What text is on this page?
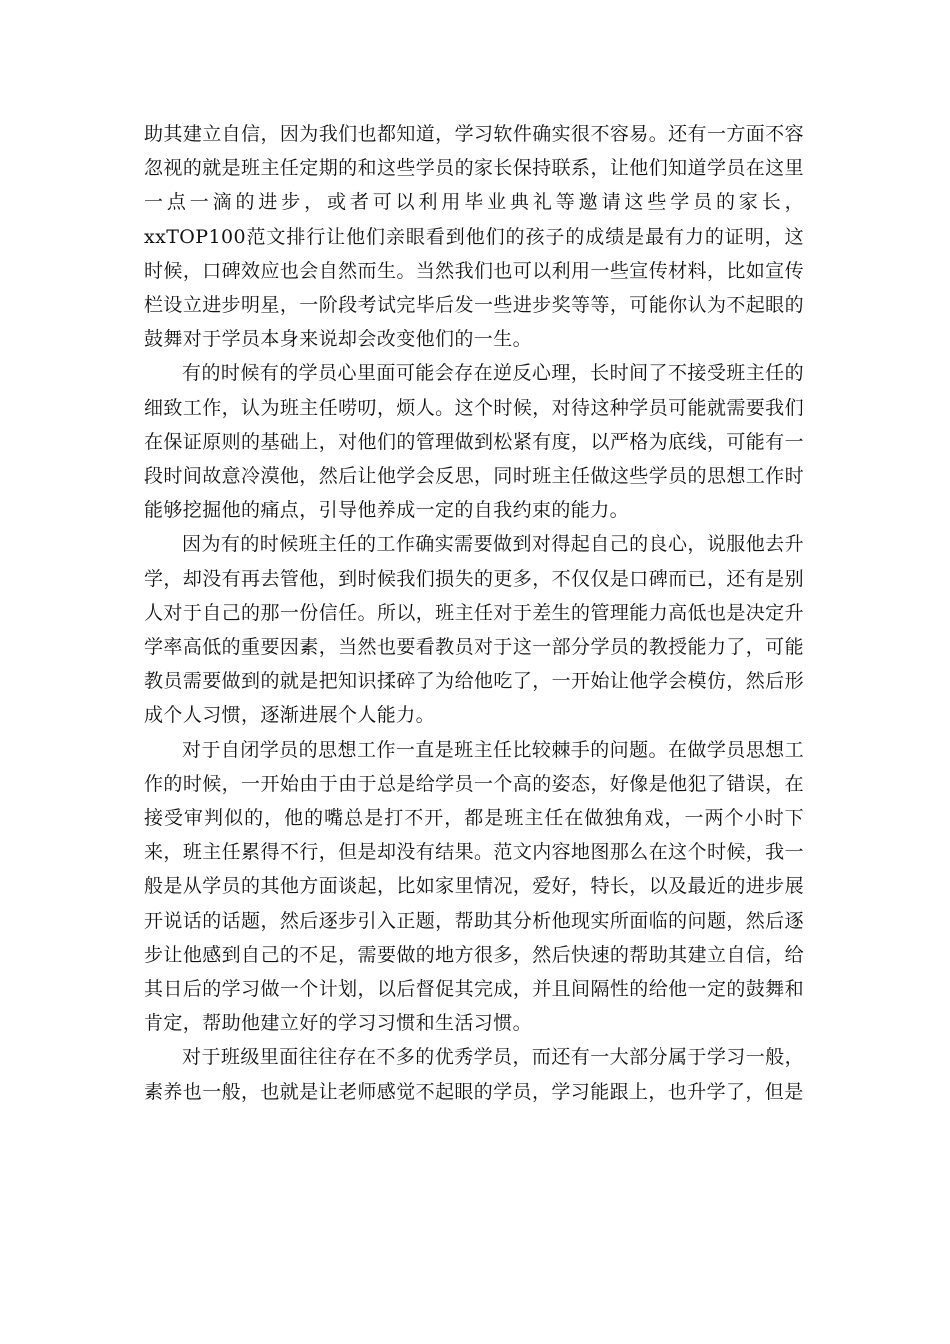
助其建立自信，因为我们也都知道，学习软件确实很不容易。还有一方面不容忽视的就是班主任定期的和这些学员的家长保持联系，让他们知道学员在这里一点一滴的进步，或者可以利用毕业典礼等邀请这些学员的家长，xxTOP100范文排行让他们亲眼看到他们的孩子的成绩是最有力的证明，这时候，口碑效应也会自然而生。当然我们也可以利用一些宣传材料，比如宣传栏设立进步明星，一阶段考试完毕后发一些进步奖等等，可能你认为不起眼的鼓舞对于学员本身来说却会改变他们的一生。

有的时候有的学员心里面可能会存在逆反心理，长时间了不接受班主任的细致工作，认为班主任唠叨，烦人。这个时候，对待这种学员可能就需要我们在保证原则的基础上，对他们的管理做到松紧有度，以严格为底线，可能有一段时间故意冷漠他，然后让他学会反思，同时班主任做这些学员的思想工作时能够挖掘他的痛点，引导他养成一定的自我约束的能力。

因为有的时候班主任的工作确实需要做到对得起自己的良心，说服他去升学，却没有再去管他，到时候我们损失的更多，不仅仅是口碑而已，还有是别人对于自己的那一份信任。所以，班主任对于差生的管理能力高低也是决定升学率高低的重要因素，当然也要看教员对于这一部分学员的教授能力了，可能教员需要做到的就是把知识揉碎了为给他吃了，一开始让他学会模仿，然后形成个人习惯，逐渐进展个人能力。

对于自闭学员的思想工作一直是班主任比较棘手的问题。在做学员思想工作的时候，一开始由于由于总是给学员一个高的姿态，好像是他犯了错误，在接受审判似的，他的嘴总是打不开，都是班主任在做独角戏，一两个小时下来，班主任累得不行，但是却没有结果。范文内容地图那么在这个时候，我一般是从学员的其他方面谈起，比如家里情况，爱好，特长，以及最近的进步展开说话的话题，然后逐步引入正题，帮助其分析他现实所面临的问题，然后逐步让他感到自己的不足，需要做的地方很多，然后快速的帮助其建立自信，给其日后的学习做一个计划，以后督促其完成，并且间隔性的给他一定的鼓舞和肯定，帮助他建立好的学习习惯和生活习惯。

对于班级里面往往存在不多的优秀学员，而还有一大部分属于学习一般，素养也一般，也就是让老师感觉不起眼的学员，学习能跟上，也升学了，但是
